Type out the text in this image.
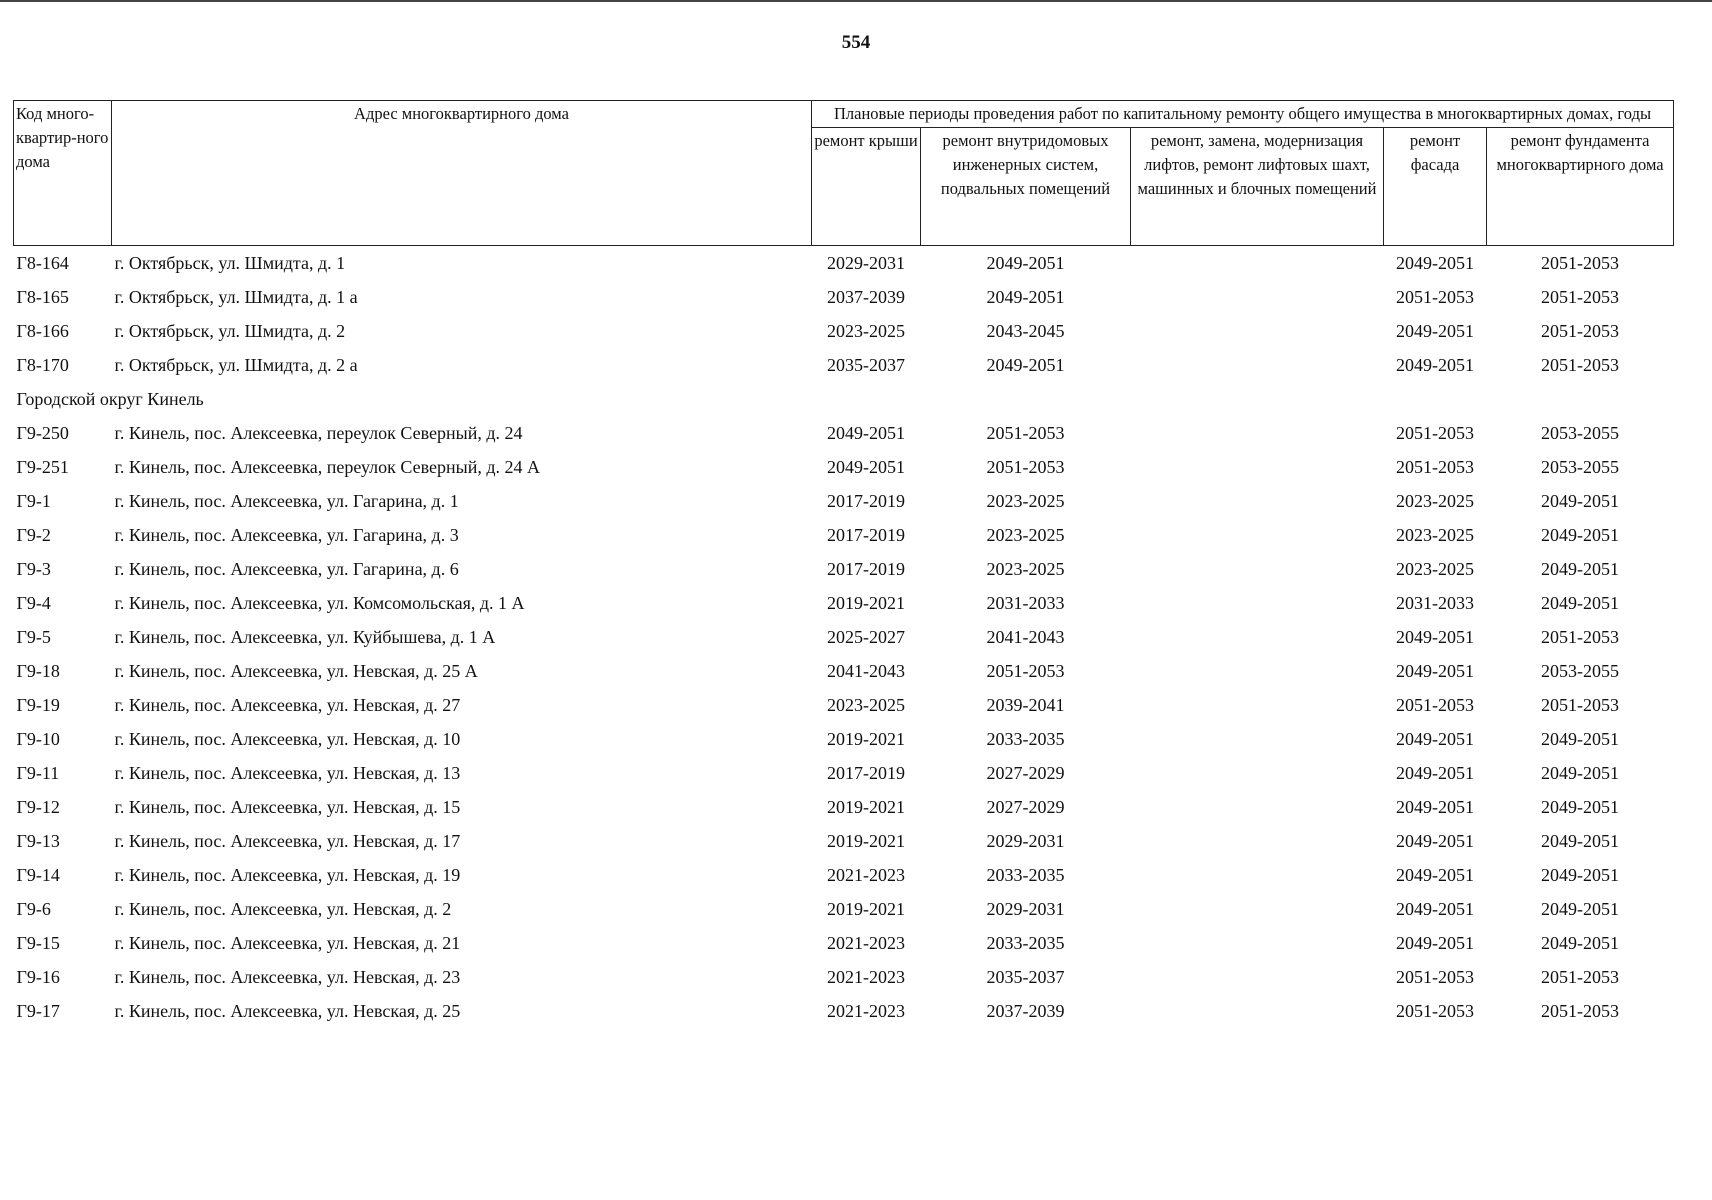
554
Код много-квартир-ного дома	Адрес многоквартирного дома	Плановые периоды проведения работ по капитальному ремонту общего имущества в многоквартирных домах, годы				
		ремонт крыши	ремонт внутридомовых инженерных систем, подвальных помещений	ремонт, замена, модернизация лифтов, ремонт лифтовых шахт, машинных и блочных помещений	ремонт фасада	ремонт фундамента многоквартирного дома
Г8-164	г. Октябрьск, ул. Шмидта, д. 1	2029-2031	2049-2051		2049-2051	2051-2053
Г8-165	г. Октябрьск, ул. Шмидта, д. 1 а	2037-2039	2049-2051		2051-2053	2051-2053
Г8-166	г. Октябрьск, ул. Шмидта, д. 2	2023-2025	2043-2045		2049-2051	2051-2053
Г8-170	г. Октябрьск, ул. Шмидта, д. 2 а	2035-2037	2049-2051		2049-2051	2051-2053
Городской округ Кинель						
Г9-250	г. Кинель, пос. Алексеевка, переулок Северный, д. 24	2049-2051	2051-2053		2051-2053	2053-2055
Г9-251	г. Кинель, пос. Алексеевка, переулок Северный, д. 24 А	2049-2051	2051-2053		2051-2053	2053-2055
Г9-1	г. Кинель, пос. Алексеевка, ул. Гагарина, д. 1	2017-2019	2023-2025		2023-2025	2049-2051
Г9-2	г. Кинель, пос. Алексеевка, ул. Гагарина, д. 3	2017-2019	2023-2025		2023-2025	2049-2051
Г9-3	г. Кинель, пос. Алексеевка, ул. Гагарина, д. 6	2017-2019	2023-2025		2023-2025	2049-2051
Г9-4	г. Кинель, пос. Алексеевка, ул. Комсомольская, д. 1 А	2019-2021	2031-2033		2031-2033	2049-2051
Г9-5	г. Кинель, пос. Алексеевка, ул. Куйбышева, д. 1 А	2025-2027	2041-2043		2049-2051	2051-2053
Г9-18	г. Кинель, пос. Алексеевка, ул. Невская, д. 25 А	2041-2043	2051-2053		2049-2051	2053-2055
Г9-19	г. Кинель, пос. Алексеевка, ул. Невская, д. 27	2023-2025	2039-2041		2051-2053	2051-2053
Г9-10	г. Кинель, пос. Алексеевка, ул. Невская, д. 10	2019-2021	2033-2035		2049-2051	2049-2051
Г9-11	г. Кинель, пос. Алексеевка, ул. Невская, д. 13	2017-2019	2027-2029		2049-2051	2049-2051
Г9-12	г. Кинель, пос. Алексеевка, ул. Невская, д. 15	2019-2021	2027-2029		2049-2051	2049-2051
Г9-13	г. Кинель, пос. Алексеевка, ул. Невская, д. 17	2019-2021	2029-2031		2049-2051	2049-2051
Г9-14	г. Кинель, пос. Алексеевка, ул. Невская, д. 19	2021-2023	2033-2035		2049-2051	2049-2051
Г9-6	г. Кинель, пос. Алексеевка, ул. Невская, д. 2	2019-2021	2029-2031		2049-2051	2049-2051
Г9-15	г. Кинель, пос. Алексеевка, ул. Невская, д. 21	2021-2023	2033-2035		2049-2051	2049-2051
Г9-16	г. Кинель, пос. Алексеевка, ул. Невская, д. 23	2021-2023	2035-2037		2051-2053	2051-2053
Г9-17	г. Кинель, пос. Алексеевка, ул. Невская, д. 25	2021-2023	2037-2039		2051-2053	2051-2053
